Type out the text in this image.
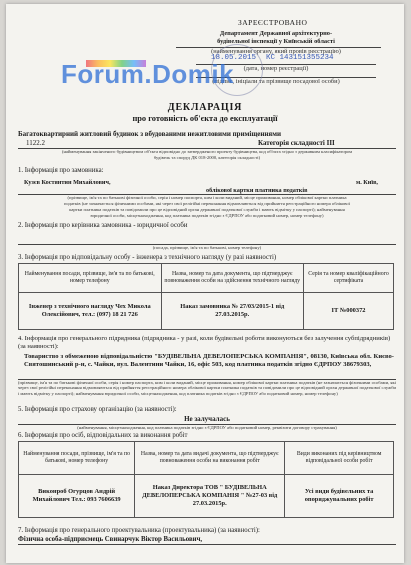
ЗАРЕЄСТРОВАНО
Департамент Державної архітектурно-
будівельної інспекції у Київській області
(найменування органу, який провів реєстрацію)
18.05.2015 КС 143151355234
(дата, номер реєстрації)
(підпис, ініціали та прізвище посадової особи)
Forum.Domik
ДЕКЛАРАЦІЯ
про готовність об'єкта до експлуатації
Багатоквартирний житловий будинок з вбудованими нежитловими приміщеннями
1122.2	Категорія складності III
(найменування закінченого будівництвом об'єкта відповідно до затвердженого проекту будівництва, код об'єкта згідно з державним класифікатором
будівель та споруд ДК 018-2000, категорія складності)
1. Інформація про замовника:
Кузєв Костянтин Михайлович,	м. Київ,
облікової картки платника податків
(прізвище, ім'я та по батькові фізичної особи, серія і номер паспорта, ким і коли виданий, місце проживання, номер облікової картки платника
податків (не зазначається фізичними особами, які через свої релігійні переконання відмовляються від прийняття реєстраційного номера облікової
картки платника податків та повідомили про це відповідний орган державної податкової служби і мають відмітку у паспорті); найменування
юридичної особи, місцезнаходження, код платника податків згідно з ЄДРПОУ або податковий номер, номер телефону)
2. Інформація про керівника замовника - юридичної особи
(посада, прізвище, ім'я та по батькові, номер телефону)
3. Інформація про відповідальну особу - інженера з технічного нагляду (у разі наявності)
Найменування посади, прізвище, ім'я та по батькові, номер телефону	Назва, номер та дата документа, що підтверджує повноваження особи на здійснення технічного нагляду	Серія та номер кваліфікаційного сертифіката
Інженер з технічного нагляду Чех Микола Олексійович, тел.: (097) 18 21 726	Наказ замовника № 27/03/2015-1 від 27.03.2015р.	ІТ №000372
4. Інформація про генерального підрядника (підрядника - у разі, коли будівельні роботи виконуються без залучення субпідрядників) (за наявності):
Товариство з обмеженою відповідальністю "БУДІВЕЛЬНА ДЕВЕЛОПЕРСЬКА КОМПАНІЯ", 08130, Київська обл. Києво-Святошинський р-н, с. Чайки, вул. Валентини Чайки, 16, офіс 503, код платника податків згідно ЄДРПОУ 38679303,
(прізвище, ім'я та по батькові фізичної особи, серія і номер паспорта, ким і коли виданий, місце проживання, номер облікової картки платника податків (не зазначається фізичними особами, які через свої релігійні переконання відмовляються від прийняття реєстраційного номера облікової картки платника податків та повідомили про це відповідний орган державної податкової служби і мають відмітку у паспорті); найменування юридичної особи, місцезнаходження, код платника податків згідно з ЄДРПОУ або податковий номер, номер телефону)
5. Інформація про страхову організацію (за наявності):
Не залучалась
(найменування, місцезнаходження, код платника податків згідно з ЄДРПОУ або податковий номер, реквізити договору страхування)
6. Інформація про осіб, відповідальних за виконання робіт
Найменування посади, прізвище, ім'я та по батькові, номер телефону	Назва, номер та дата видачі документа, що підтверджує повноваження особи на виконання робіт	Види виконаних під керівництвом відповідальної особи робіт
Виконроб Огурцов Андрій Михайлович Тел.: 093 7606639	Наказ Директора ТОВ " БУДІВЕЛЬНА ДЕВЕЛОПЕРСЬКА КОМПАНІЯ " №27-03 від 27.03.2015р.	Усі види будівельних та опоряджувальних робіт
7. Інформація про генерального проектувальника (проектувальника) (за наявності):
Фізична особа-підприємець Свинарчук Віктор Васильович,
